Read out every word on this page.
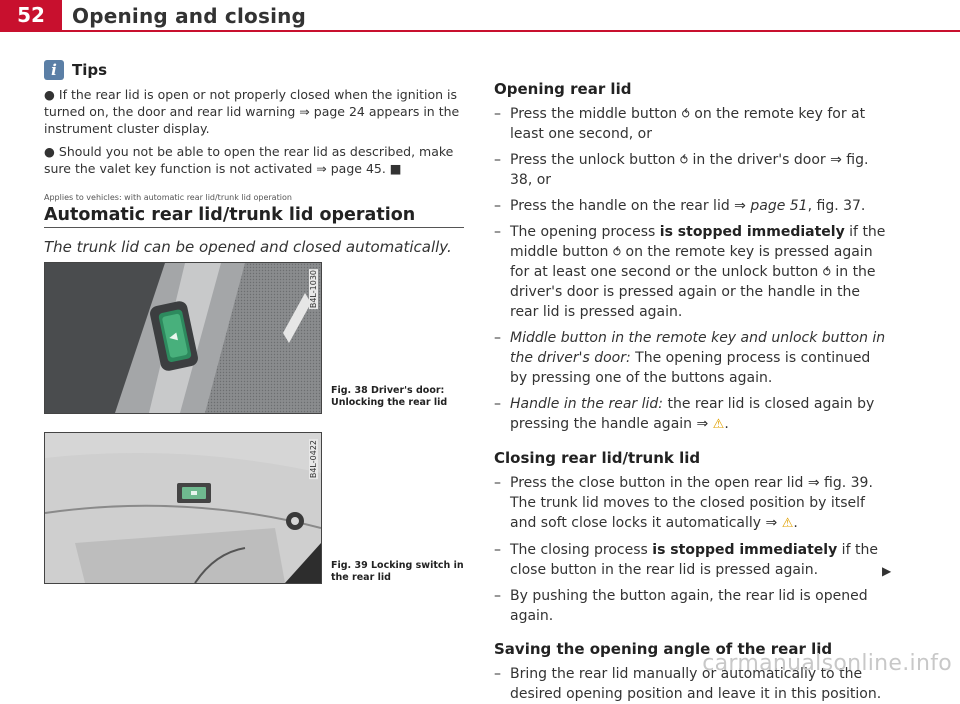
52	Opening and closing
i	Tips
● If the rear lid is open or not properly closed when the ignition is turned on, the door and rear lid warning ⇒ page 24 appears in the instrument cluster display.
● Should you not be able to open the rear lid as described, make sure the valet key function is not activated ⇒ page 45. ■
Applies to vehicles: with automatic rear lid/trunk lid operation
Automatic rear lid/trunk lid operation
The trunk lid can be opened and closed automatically.
B4L-1030
Fig. 38 Driver's door: Unlocking the rear lid
B4L-0422
Fig. 39 Locking switch in the rear lid
Opening rear lid
– Press the middle button ⥀ on the remote key for at least one second, or
– Press the unlock button ⥀ in the driver's door ⇒ fig. 38, or
– Press the handle on the rear lid ⇒ page 51, fig. 37.
– The opening process is stopped immediately if the middle button ⥀ on the remote key is pressed again for at least one second or the unlock button ⥀ in the driver's door is pressed again or the handle in the rear lid is pressed again.
– Middle button in the remote key and unlock button in the driver's door: The opening process is continued by pressing one of the buttons again.
– Handle in the rear lid: the rear lid is closed again by pressing the handle again ⇒ ⚠.
Closing rear lid/trunk lid
– Press the close button in the open rear lid ⇒ fig. 39. The trunk lid moves to the closed position by itself and soft close locks it automatically ⇒ ⚠.
– The closing process is stopped immediately if the close button in the rear lid is pressed again.
– By pushing the button again, the rear lid is opened again.
Saving the opening angle of the rear lid
– Bring the rear lid manually or automatically to the desired opening position and leave it in this position.
▶
carmanualsonline.info
